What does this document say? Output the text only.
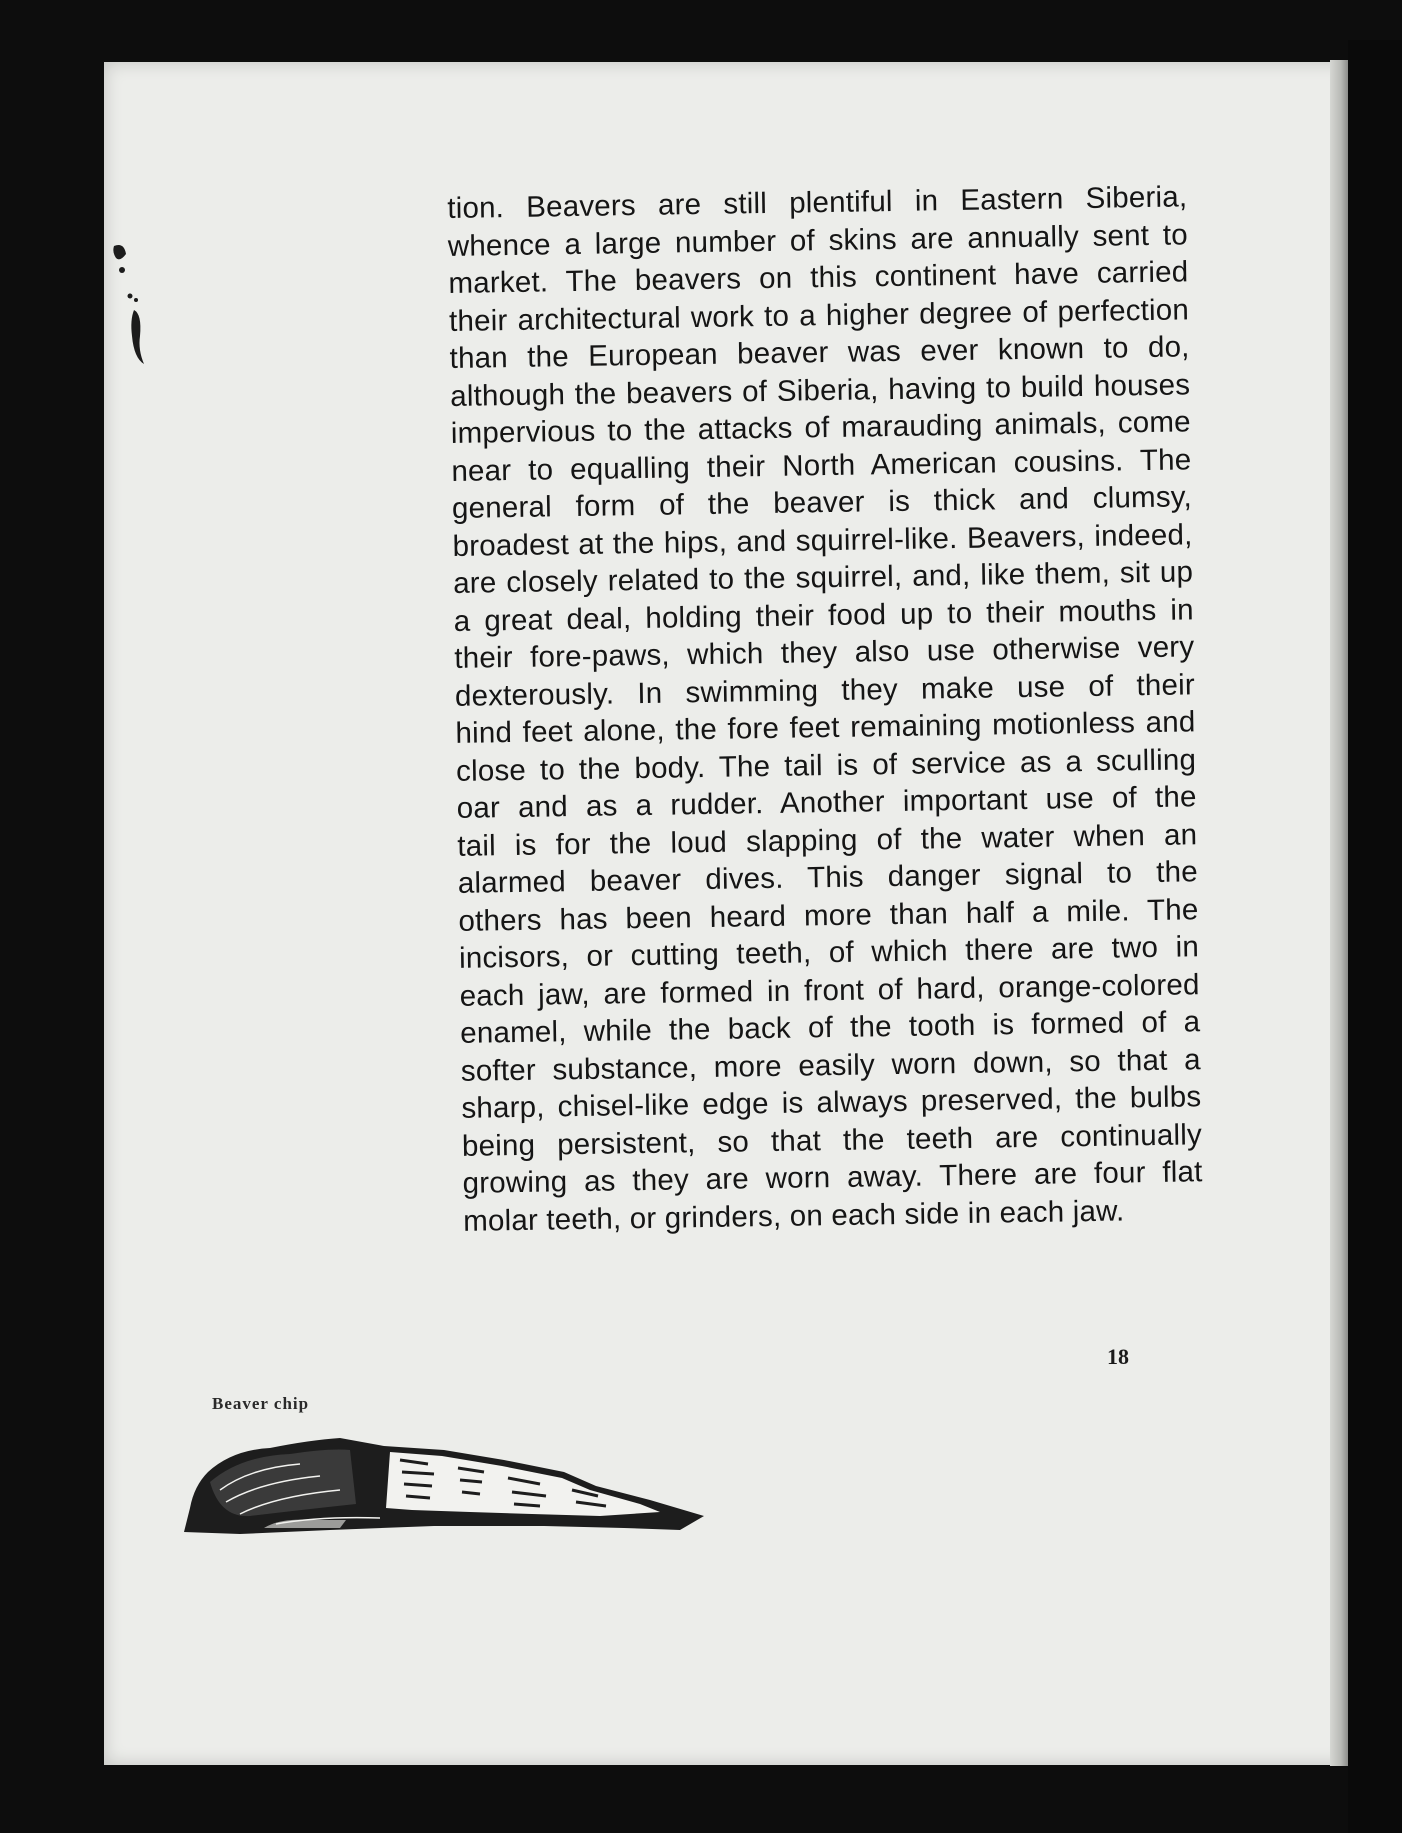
tion. Beavers are still plentiful in Eastern Siberia,
whence a large number of skins are annually sent to
market. The beavers on this continent have carried
their architectural work to a higher degree of perfection
than the European beaver was ever known to do,
although the beavers of Siberia, having to build houses
impervious to the attacks of marauding animals, come
near to equalling their North American cousins. The
general form of the beaver is thick and clumsy,
broadest at the hips, and squirrel-like. Beavers, indeed,
are closely related to the squirrel, and, like them, sit up
a great deal, holding their food up to their mouths in
their fore-paws, which they also use otherwise very
dexterously. In swimming they make use of their
hind feet alone, the fore feet remaining motionless and
close to the body. The tail is of service as a sculling
oar and as a rudder. Another important use of the
tail is for the loud slapping of the water when an
alarmed beaver dives. This danger signal to the
others has been heard more than half a mile. The
incisors, or cutting teeth, of which there are two in
each jaw, are formed in front of hard, orange-colored
enamel, while the back of the tooth is formed of a
softer substance, more easily worn down, so that a
sharp, chisel-like edge is always preserved, the bulbs
being persistent, so that the teeth are continually
growing as they are worn away. There are four flat
molar teeth, or grinders, on each side in each jaw.
18
Beaver chip
